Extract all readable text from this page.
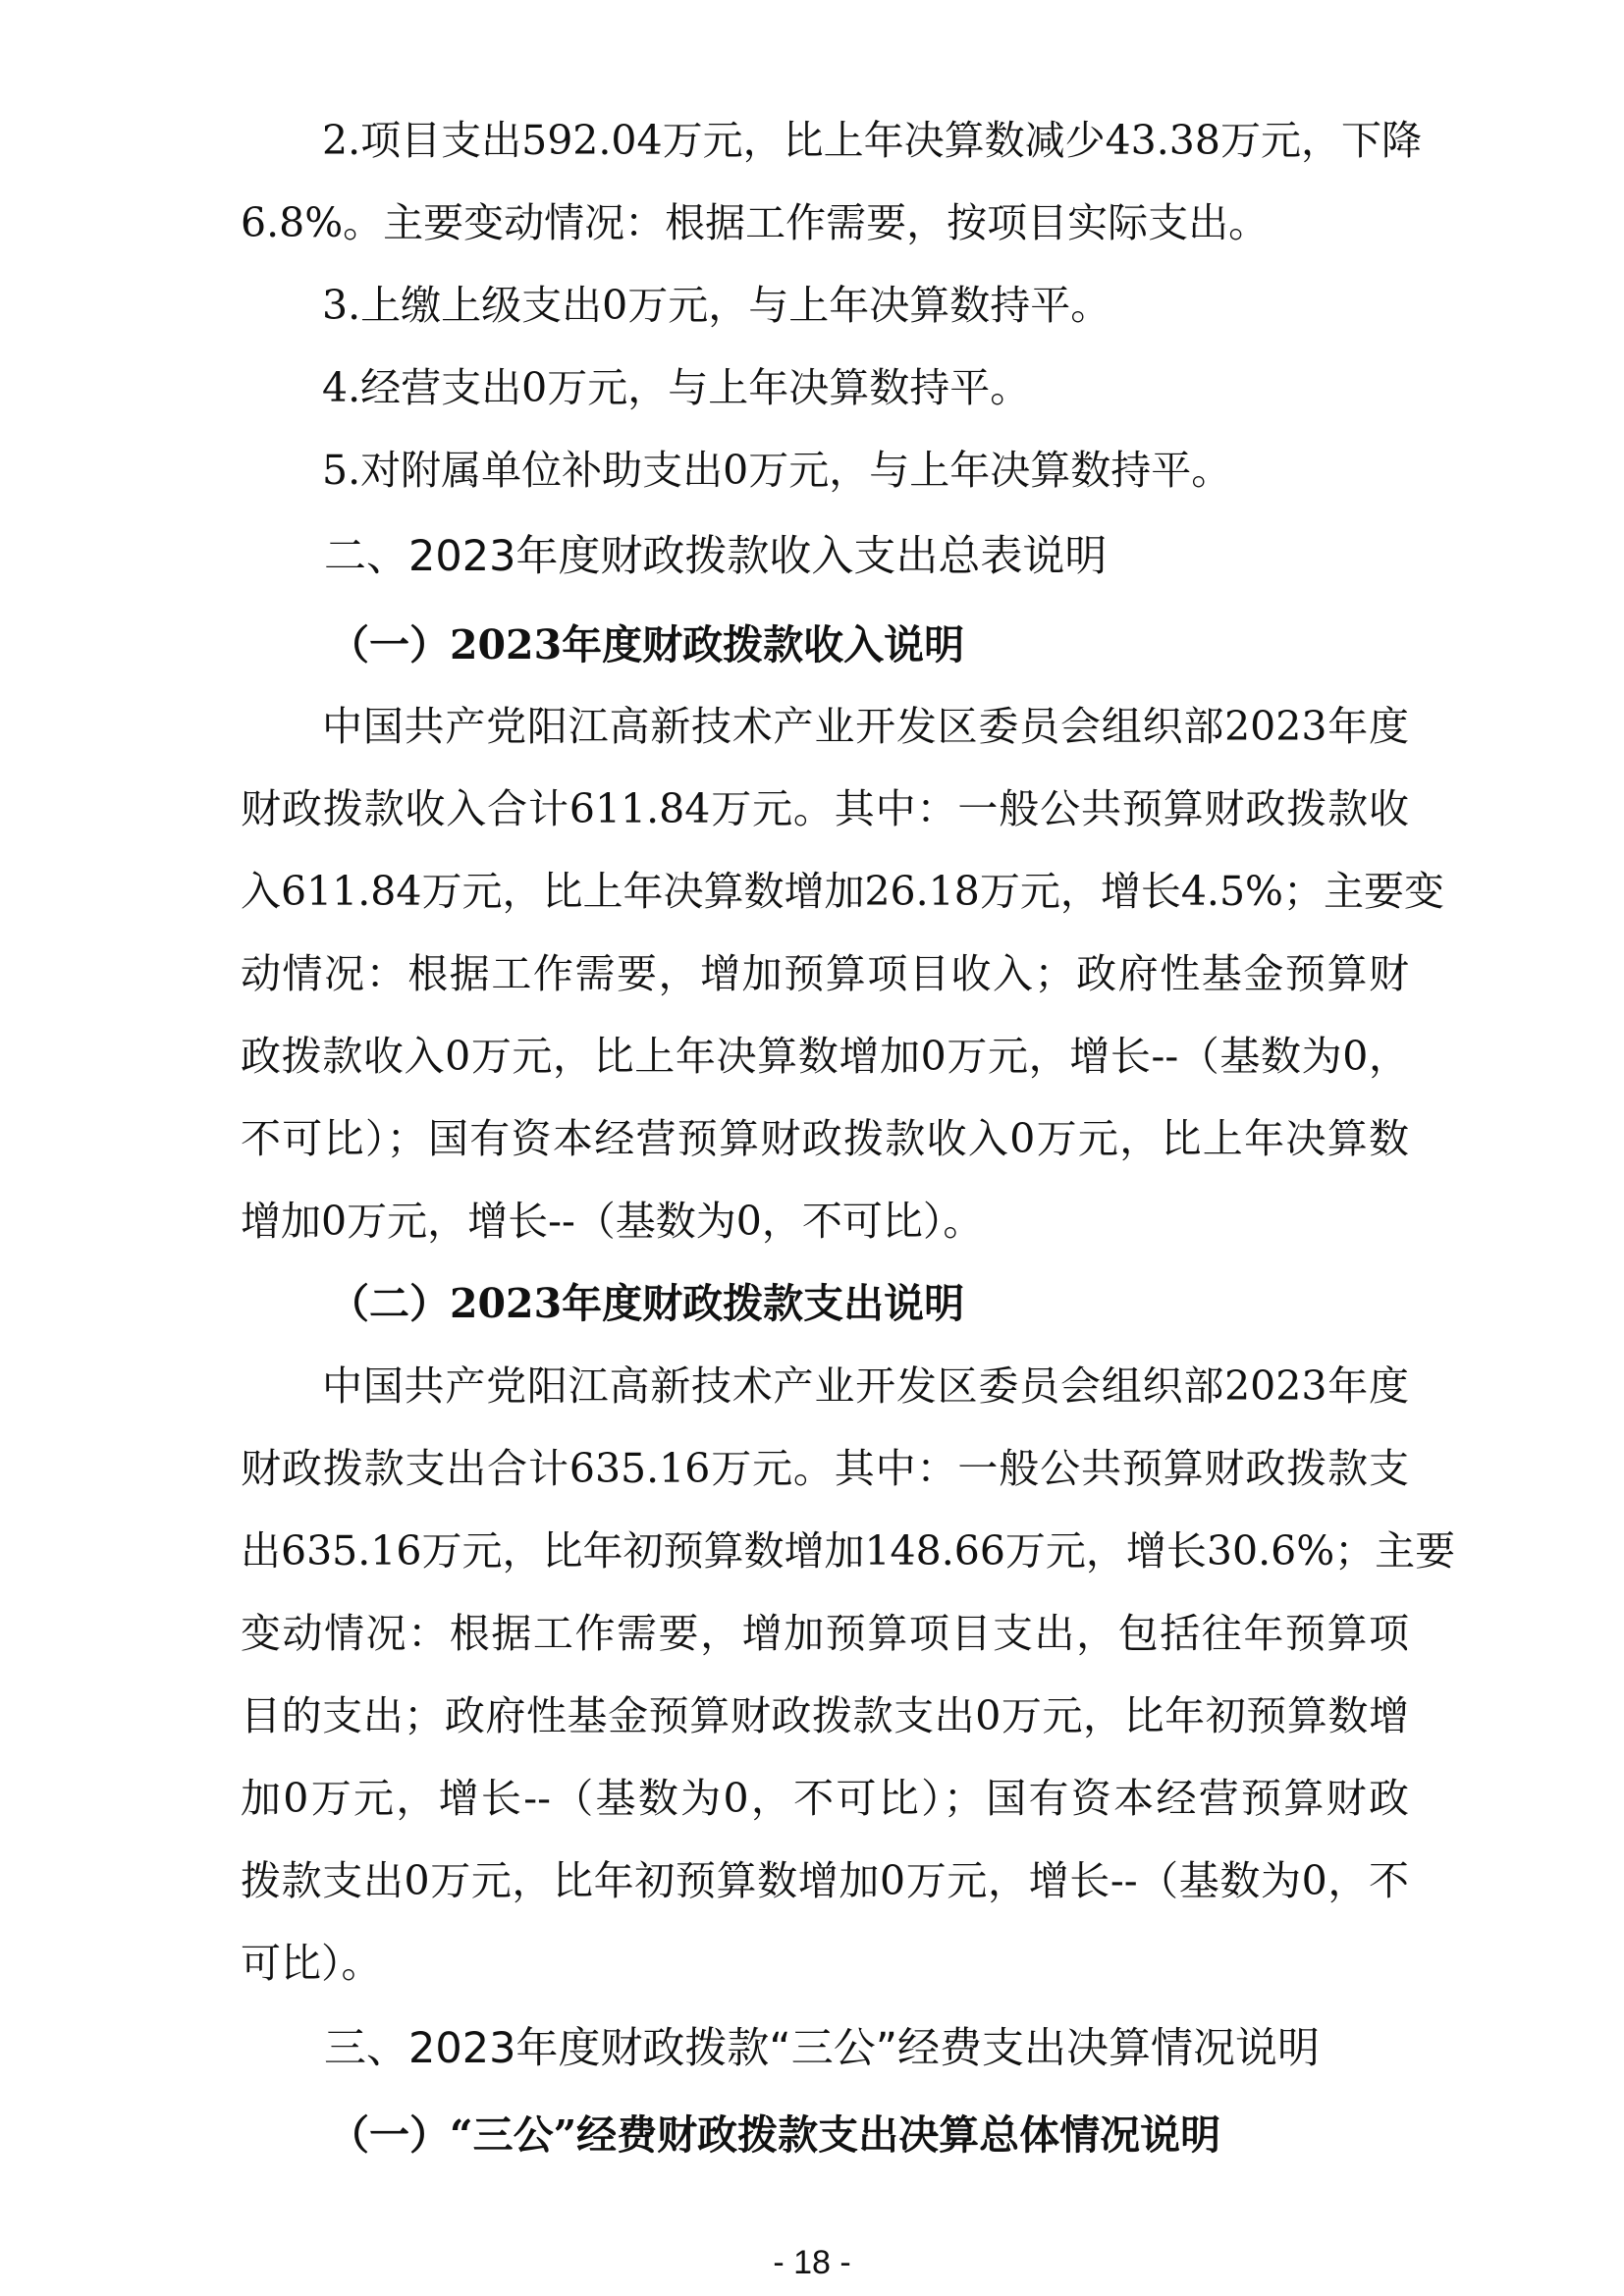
2.项目支出592.04万元，比上年决算数减少43.38万元，下降
6.8%。主要变动情况：根据工作需要，按项目实际支出。
3.上缴上级支出0万元，与上年决算数持平。
4.经营支出0万元，与上年决算数持平。
5.对附属单位补助支出0万元，与上年决算数持平。
二、2023年度财政拨款收入支出总表说明
（一）2023年度财政拨款收入说明
中国共产党阳江高新技术产业开发区委员会组织部2023年度
财政拨款收入合计611.84万元。其中：一般公共预算财政拨款收
入611.84万元，比上年决算数增加26.18万元，增长4.5%；主要变
动情况：根据工作需要，增加预算项目收入；政府性基金预算财
政拨款收入0万元，比上年决算数增加0万元，增长--（基数为0，
不可比）；国有资本经营预算财政拨款收入0万元，比上年决算数
增加0万元，增长--（基数为0，不可比）。
（二）2023年度财政拨款支出说明
中国共产党阳江高新技术产业开发区委员会组织部2023年度
财政拨款支出合计635.16万元。其中：一般公共预算财政拨款支
出635.16万元，比年初预算数增加148.66万元，增长30.6%；主要
变动情况：根据工作需要，增加预算项目支出，包括往年预算项
目的支出；政府性基金预算财政拨款支出0万元，比年初预算数增
加0万元，增长--（基数为0，不可比）；国有资本经营预算财政
拨款支出0万元，比年初预算数增加0万元，增长--（基数为0，不
可比）。
三、2023年度财政拨款“三公”经费支出决算情况说明
（一）“三公”经费财政拨款支出决算总体情况说明
- 18 -
